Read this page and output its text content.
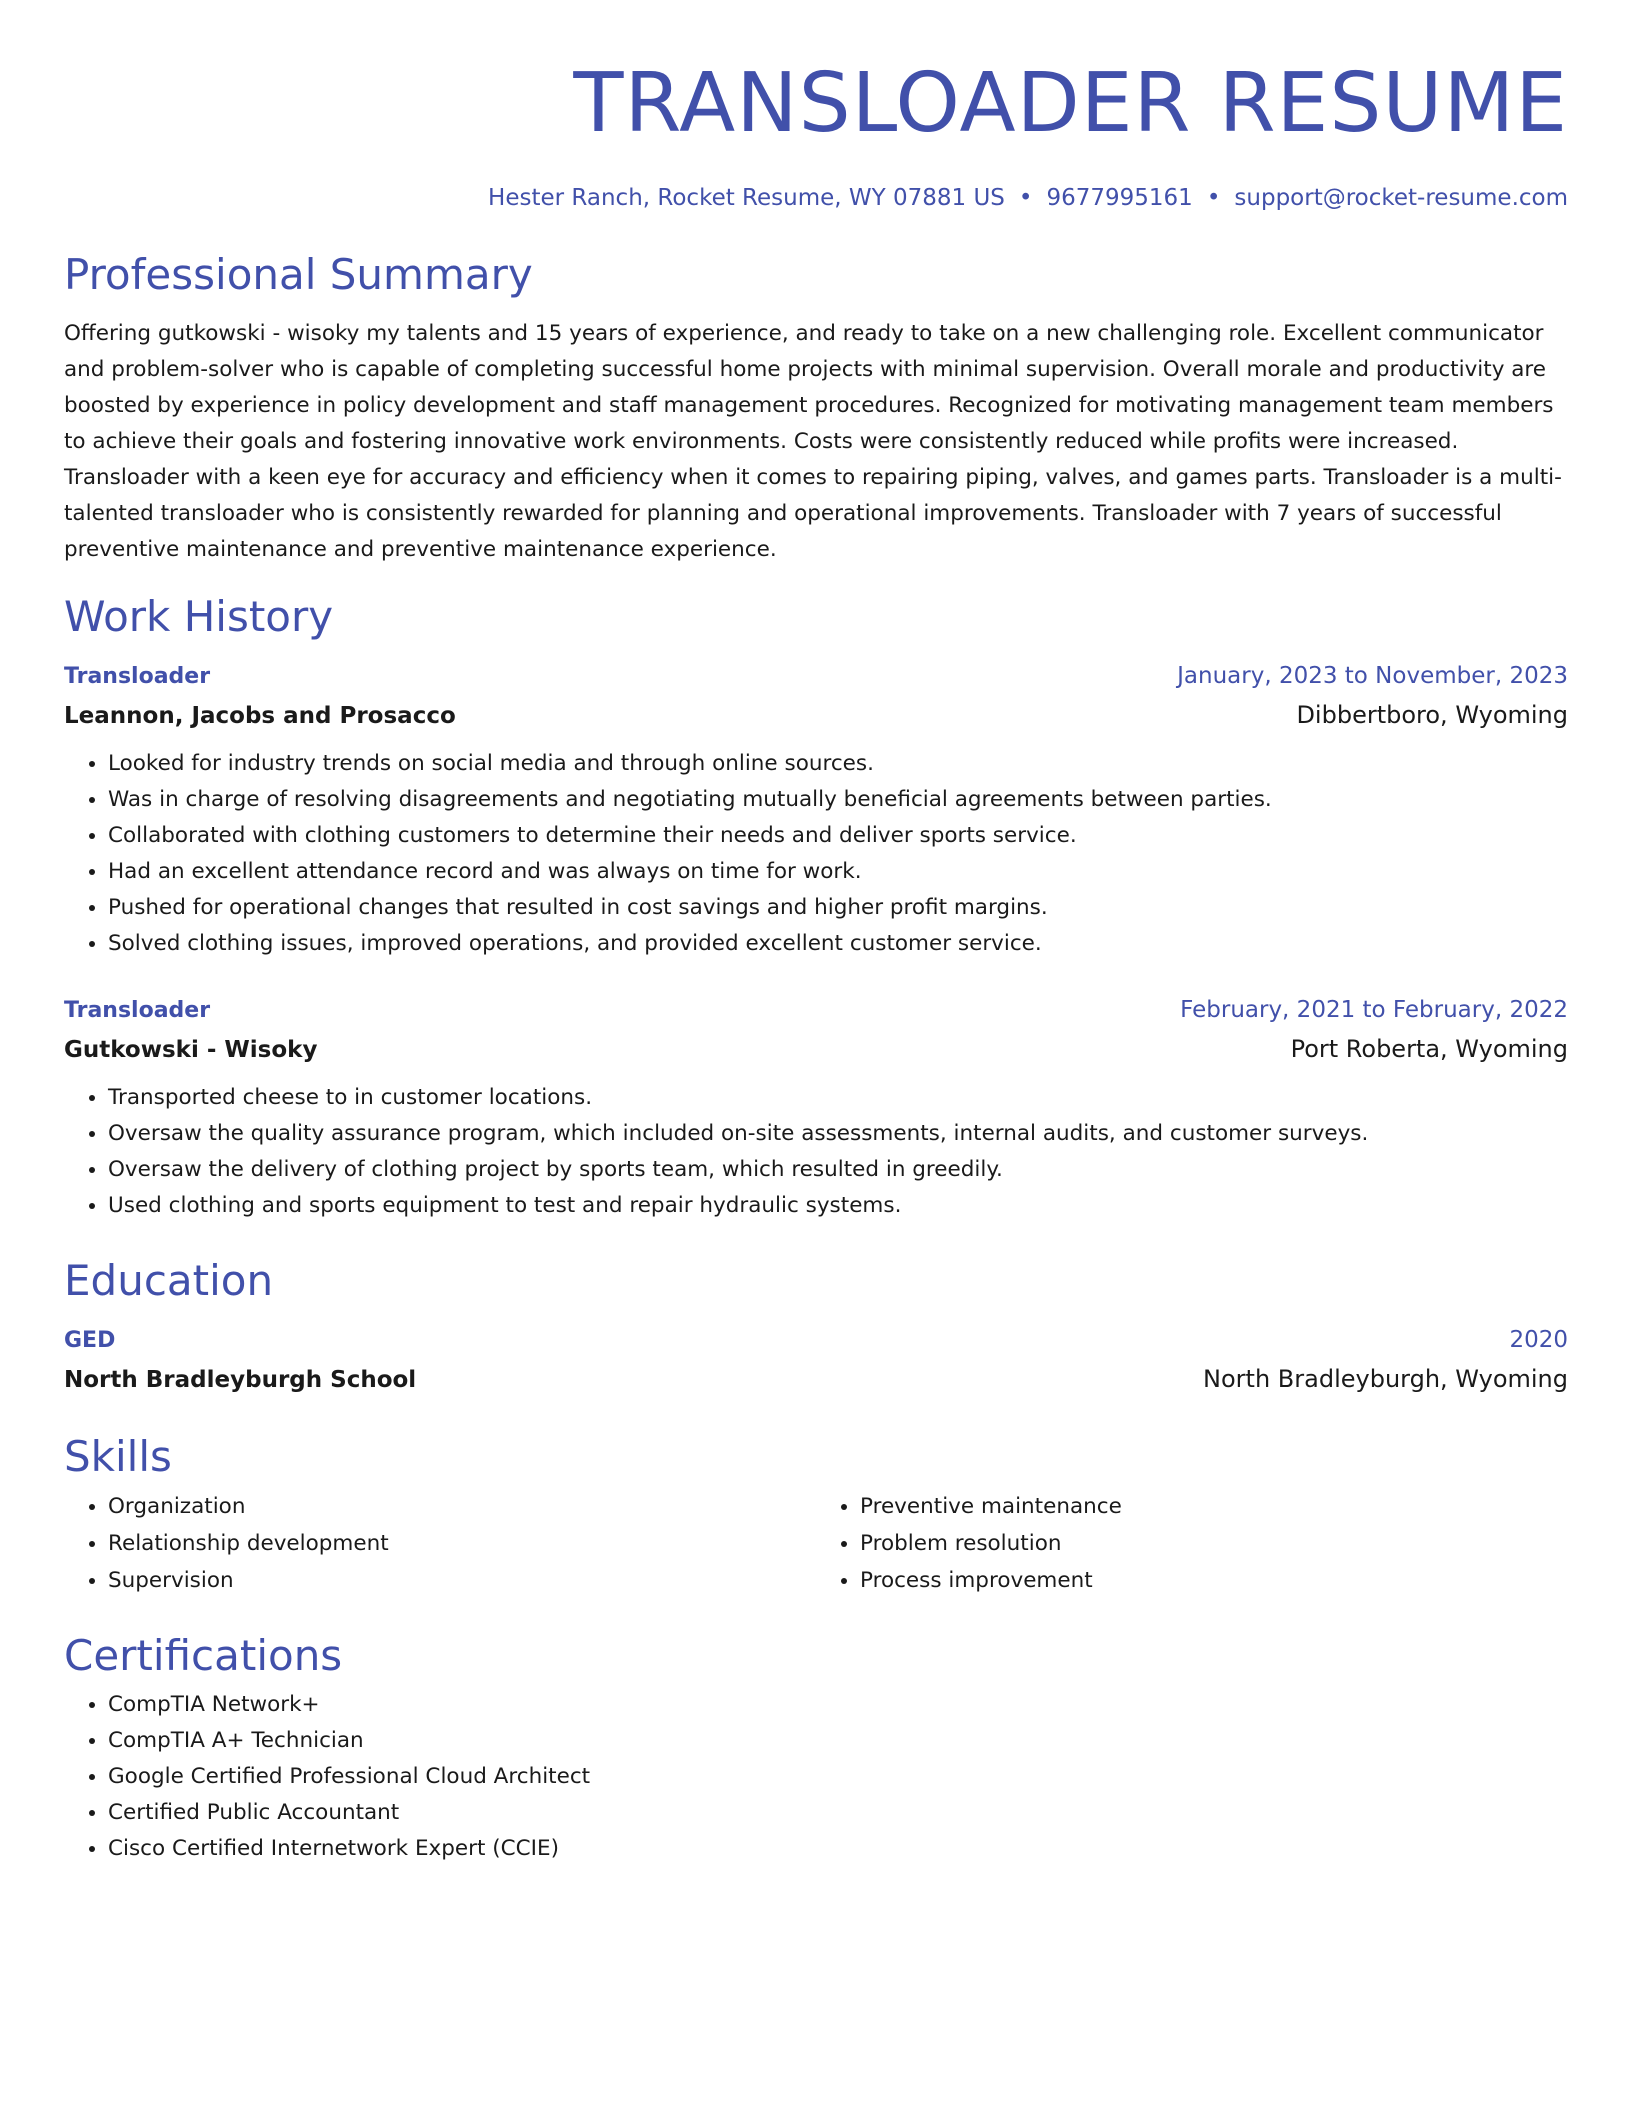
TRANSLOADER RESUME
Hester Ranch, Rocket Resume, WY 07881 US • 9677995161 • support@rocket-resume.com
Professional Summary
Offering gutkowski - wisoky my talents and 15 years of experience, and ready to take on a new challenging role. Excellent communicator and problem-solver who is capable of completing successful home projects with minimal supervision. Overall morale and productivity are boosted by experience in policy development and staff management procedures. Recognized for motivating management team members to achieve their goals and fostering innovative work environments. Costs were consistently reduced while profits were increased. Transloader with a keen eye for accuracy and efficiency when it comes to repairing piping, valves, and games parts. Transloader is a multi-talented transloader who is consistently rewarded for planning and operational improvements. Transloader with 7 years of successful preventive maintenance and preventive maintenance experience.
Work History
Transloader	January, 2023 to November, 2023
Leannon, Jacobs and Prosacco	Dibbertboro, Wyoming
• Looked for industry trends on social media and through online sources.
• Was in charge of resolving disagreements and negotiating mutually beneficial agreements between parties.
• Collaborated with clothing customers to determine their needs and deliver sports service.
• Had an excellent attendance record and was always on time for work.
• Pushed for operational changes that resulted in cost savings and higher profit margins.
• Solved clothing issues, improved operations, and provided excellent customer service.
Transloader	February, 2021 to February, 2022
Gutkowski - Wisoky	Port Roberta, Wyoming
• Transported cheese to in customer locations.
• Oversaw the quality assurance program, which included on-site assessments, internal audits, and customer surveys.
• Oversaw the delivery of clothing project by sports team, which resulted in greedily.
• Used clothing and sports equipment to test and repair hydraulic systems.
Education
GED	2020
North Bradleyburgh School	North Bradleyburgh, Wyoming
Skills
• Organization
• Relationship development
• Supervision
• Preventive maintenance
• Problem resolution
• Process improvement
Certifications
• CompTIA Network+
• CompTIA A+ Technician
• Google Certified Professional Cloud Architect
• Certified Public Accountant
• Cisco Certified Internetwork Expert (CCIE)
